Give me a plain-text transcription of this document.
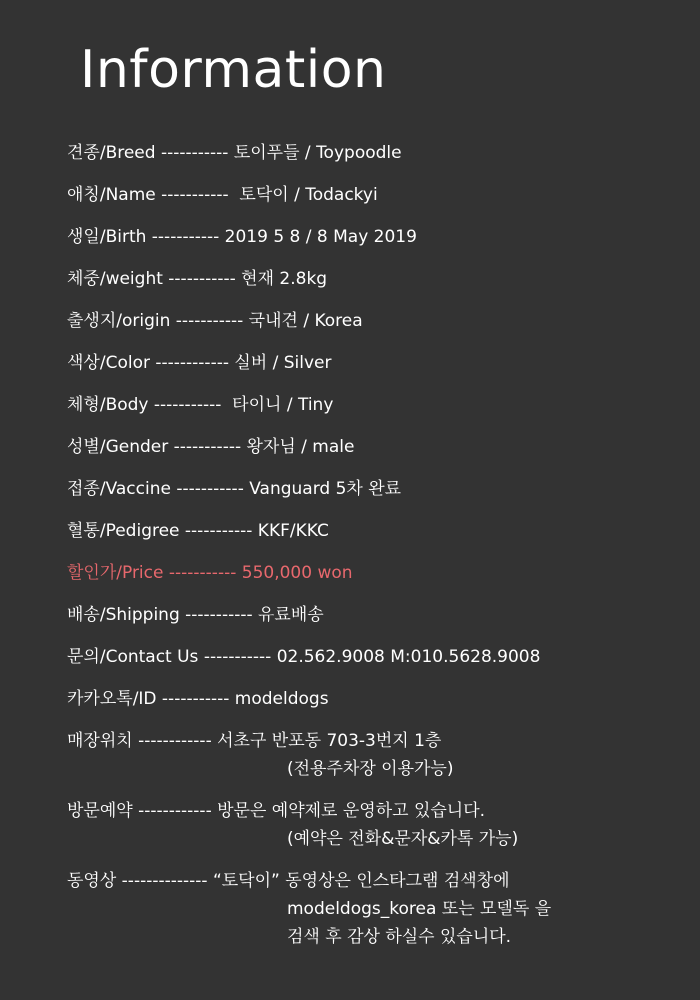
Information
견종/Breed ----------- 토이푸들 / Toypoodle
애칭/Name -----------  토닥이 / Todackyi
생일/Birth ----------- 2019 5 8 / 8 May 2019
체중/weight ----------- 현재 2.8kg
출생지/origin ----------- 국내견 / Korea
색상/Color ------------ 실버 / Silver
체형/Body -----------  타이니 / Tiny
성별/Gender ----------- 왕자님 / male
접종/Vaccine ----------- Vanguard 5차 완료
혈통/Pedigree ----------- KKF/KKC
할인가/Price ----------- 550,000 won
배송/Shipping ----------- 유료배송
문의/Contact Us ----------- 02.562.9008 M:010.5628.9008
카카오톡/ID ----------- modeldogs
매장위치 ------------ 서초구 반포동 703-3번지 1층
(전용주차장 이용가능)
방문예약 ------------ 방문은 예약제로 운영하고 있습니다.
(예약은 전화&문자&카톡 가능)
동영상 -------------- “토닥이” 동영상은 인스타그램 검색창에
modeldogs_korea 또는 모델독 을
검색 후 감상 하실수 있습니다.
